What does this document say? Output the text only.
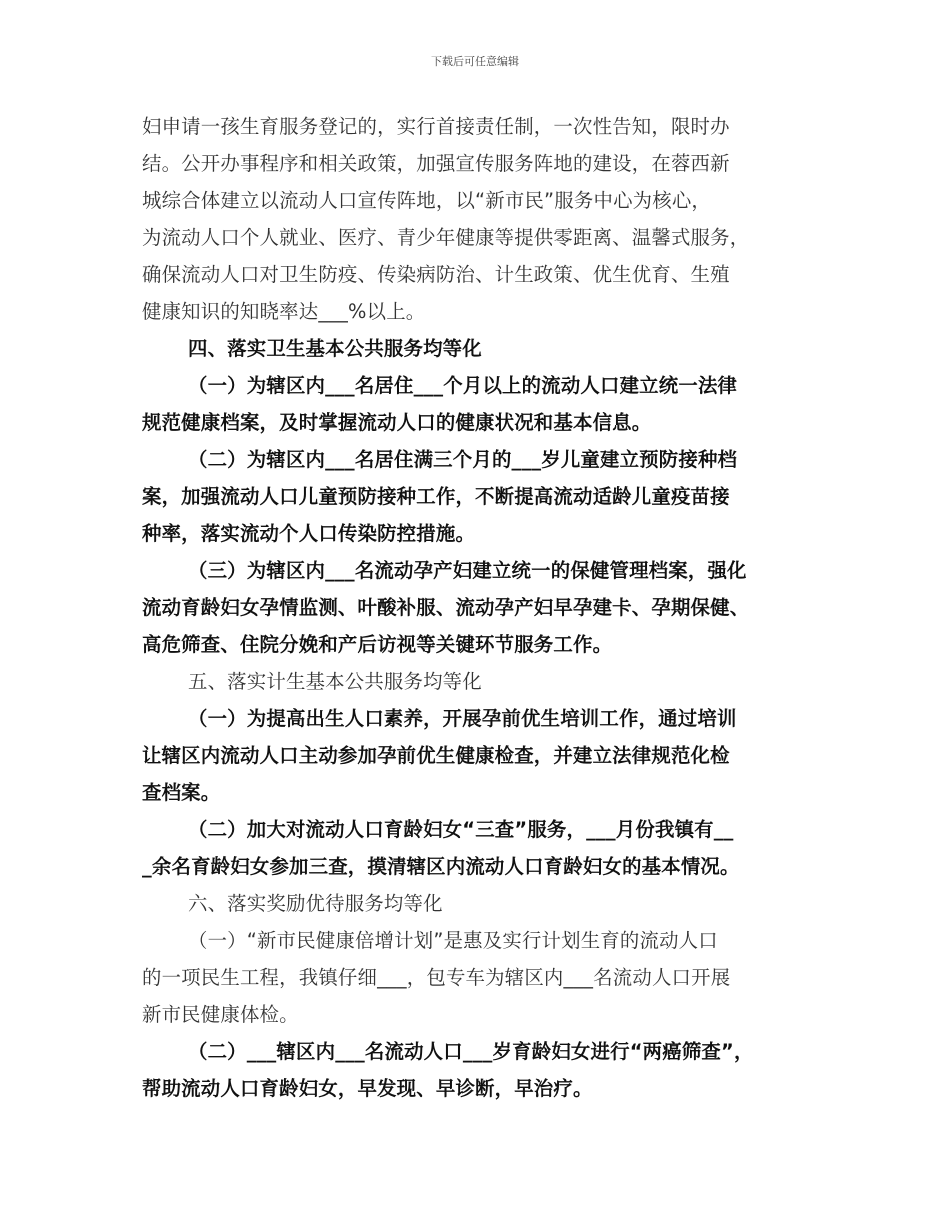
下载后可任意编辑
妇申请一孩生育服务登记的，实行首接责任制，一次性告知，限时办
结。公开办事程序和相关政策，加强宣传服务阵地的建设，在蓉西新
城综合体建立以流动人口宣传阵地，以“新市民”服务中心为核心，
为流动人口个人就业、医疗、青少年健康等提供零距离、温馨式服务，
确保流动人口对卫生防疫、传染病防治、计生政策、优生优育、生殖
健康知识的知晓率达___%以上。
四、落实卫生基本公共服务均等化
（一）为辖区内___名居住___个月以上的流动人口建立统一法律
规范健康档案，及时掌握流动人口的健康状况和基本信息。
（二）为辖区内___名居住满三个月的___岁儿童建立预防接种档
案，加强流动人口儿童预防接种工作，不断提高流动适龄儿童疫苗接
种率，落实流动个人口传染防控措施。
（三）为辖区内___名流动孕产妇建立统一的保健管理档案，强化
流动育龄妇女孕情监测、叶酸补服、流动孕产妇早孕建卡、孕期保健、
高危筛查、住院分娩和产后访视等关键环节服务工作。
五、落实计生基本公共服务均等化
（一）为提高出生人口素养，开展孕前优生培训工作，通过培训
让辖区内流动人口主动参加孕前优生健康检查，并建立法律规范化检
查档案。
（二）加大对流动人口育龄妇女“三查”服务，___月份我镇有__
_余名育龄妇女参加三查，摸清辖区内流动人口育龄妇女的基本情况。
六、落实奖励优待服务均等化
（一）“新市民健康倍增计划”是惠及实行计划生育的流动人口
的一项民生工程，我镇仔细___，包专车为辖区内___名流动人口开展
新市民健康体检。
（二）___辖区内___名流动人口___岁育龄妇女进行“两癌筛查”，
帮助流动人口育龄妇女，早发现、早诊断，早治疗。
